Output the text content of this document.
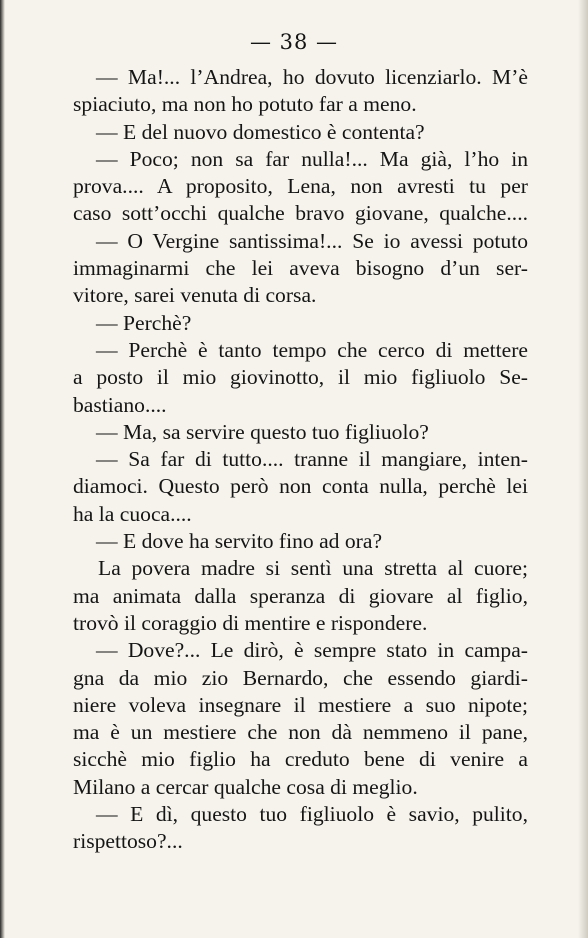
— 38 —
— Ma!... l’Andrea, ho dovuto licenziarlo. M’è
spiaciuto, ma non ho potuto far a meno.
— E del nuovo domestico è contenta?
— Poco; non sa far nulla!... Ma già, l’ho in
prova.... A proposito, Lena, non avresti tu per
caso sott’occhi qualche bravo giovane, qualche....
— O Vergine santissima!... Se io avessi potuto
immaginarmi che lei aveva bisogno d’un ser-
vitore, sarei venuta di corsa.
— Perchè?
— Perchè è tanto tempo che cerco di mettere
a posto il mio giovinotto, il mio figliuolo Se-
bastiano....
— Ma, sa servire questo tuo figliuolo?
— Sa far di tutto.... tranne il mangiare, inten-
diamoci. Questo però non conta nulla, perchè lei
ha la cuoca....
— E dove ha servito fino ad ora?
La povera madre si sentì una stretta al cuore;
ma animata dalla speranza di giovare al figlio,
trovò il coraggio di mentire e rispondere.
— Dove?... Le dirò, è sempre stato in campa-
gna da mio zio Bernardo, che essendo giardi-
niere voleva insegnare il mestiere a suo nipote;
ma è un mestiere che non dà nemmeno il pane,
sicchè mio figlio ha creduto bene di venire a
Milano a cercar qualche cosa di meglio.
— E dì, questo tuo figliuolo è savio, pulito,
rispettoso?...
